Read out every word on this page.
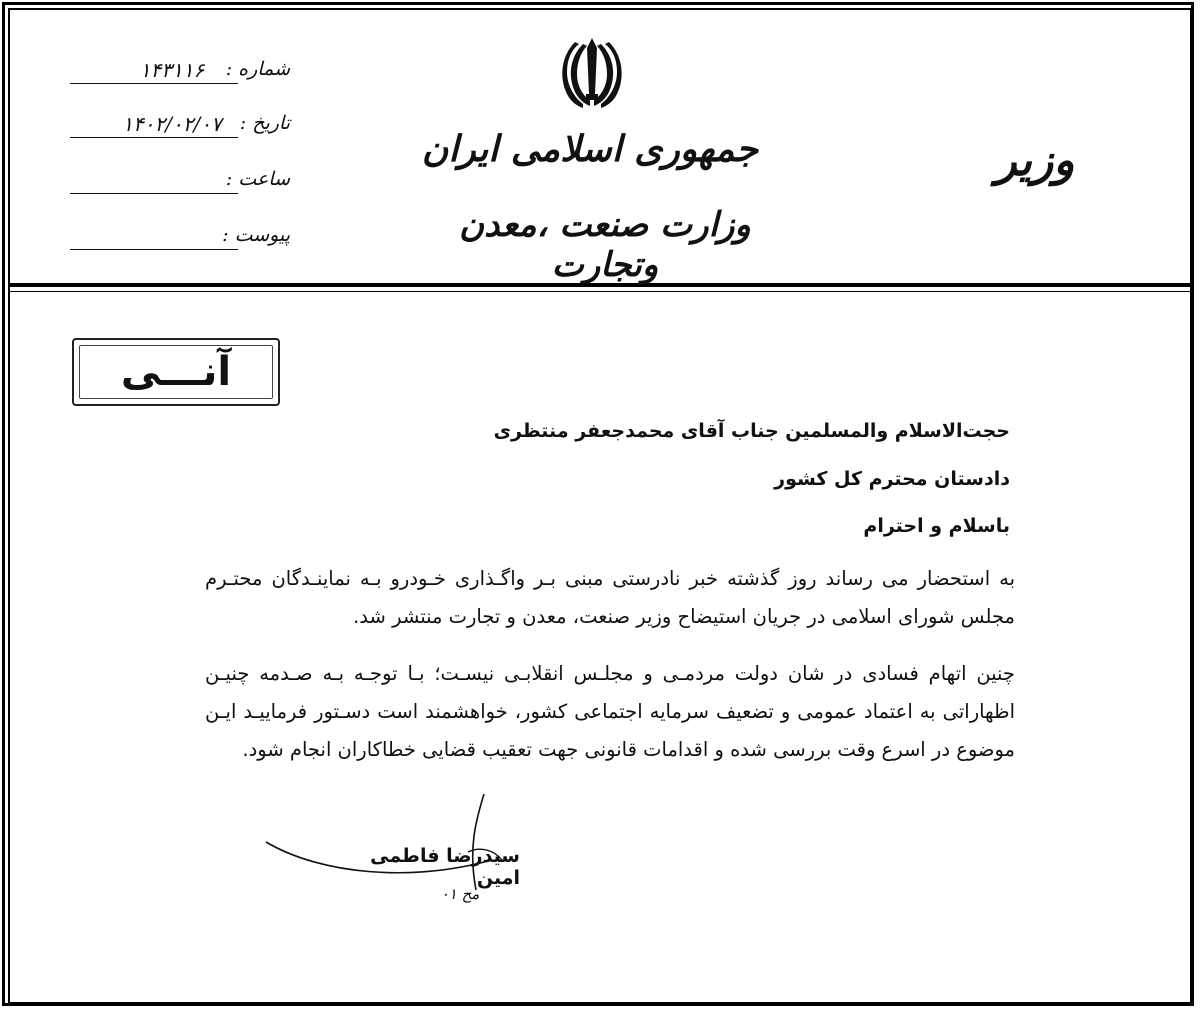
شماره :
۱۴۳۱۱۶
تاریخ :
۱۴۰۲/۰۲/۰۷
ساعت :
پیوست :
جمهوری اسلامی ایران
وزارت صنعت ،معدن وتجارت
وزیر
آنـــی
حجت‌الاسلام والمسلمین جناب آقای محمدجعفر منتظری
دادستان محترم کل کشور
باسلام و احترام
به استحضار می رساند روز گذشته خبر نادرستی مبنی بـر واگـذاری خـودرو بـه نماینـدگان محتـرم مجلس شورای اسلامی در جریان استیضاح وزیر صنعت، معدن و تجارت منتشر شد.
چنین اتهام فسادی در شان دولت مردمـی و مجلـس انقلابـی نیسـت؛ بـا توجـه بـه صـدمه چنیـن اظهاراتی به اعتماد عمومی و تضعیف سرمایه اجتماعی کشور، خواهشمند است دسـتور فرماییـد ایـن موضوع در اسرع وقت بررسی شده و اقدامات قانونی جهت تعقیب قضایی خطاکاران انجام شود.
سیدرضا فاطمی امین
مح ۰۱
